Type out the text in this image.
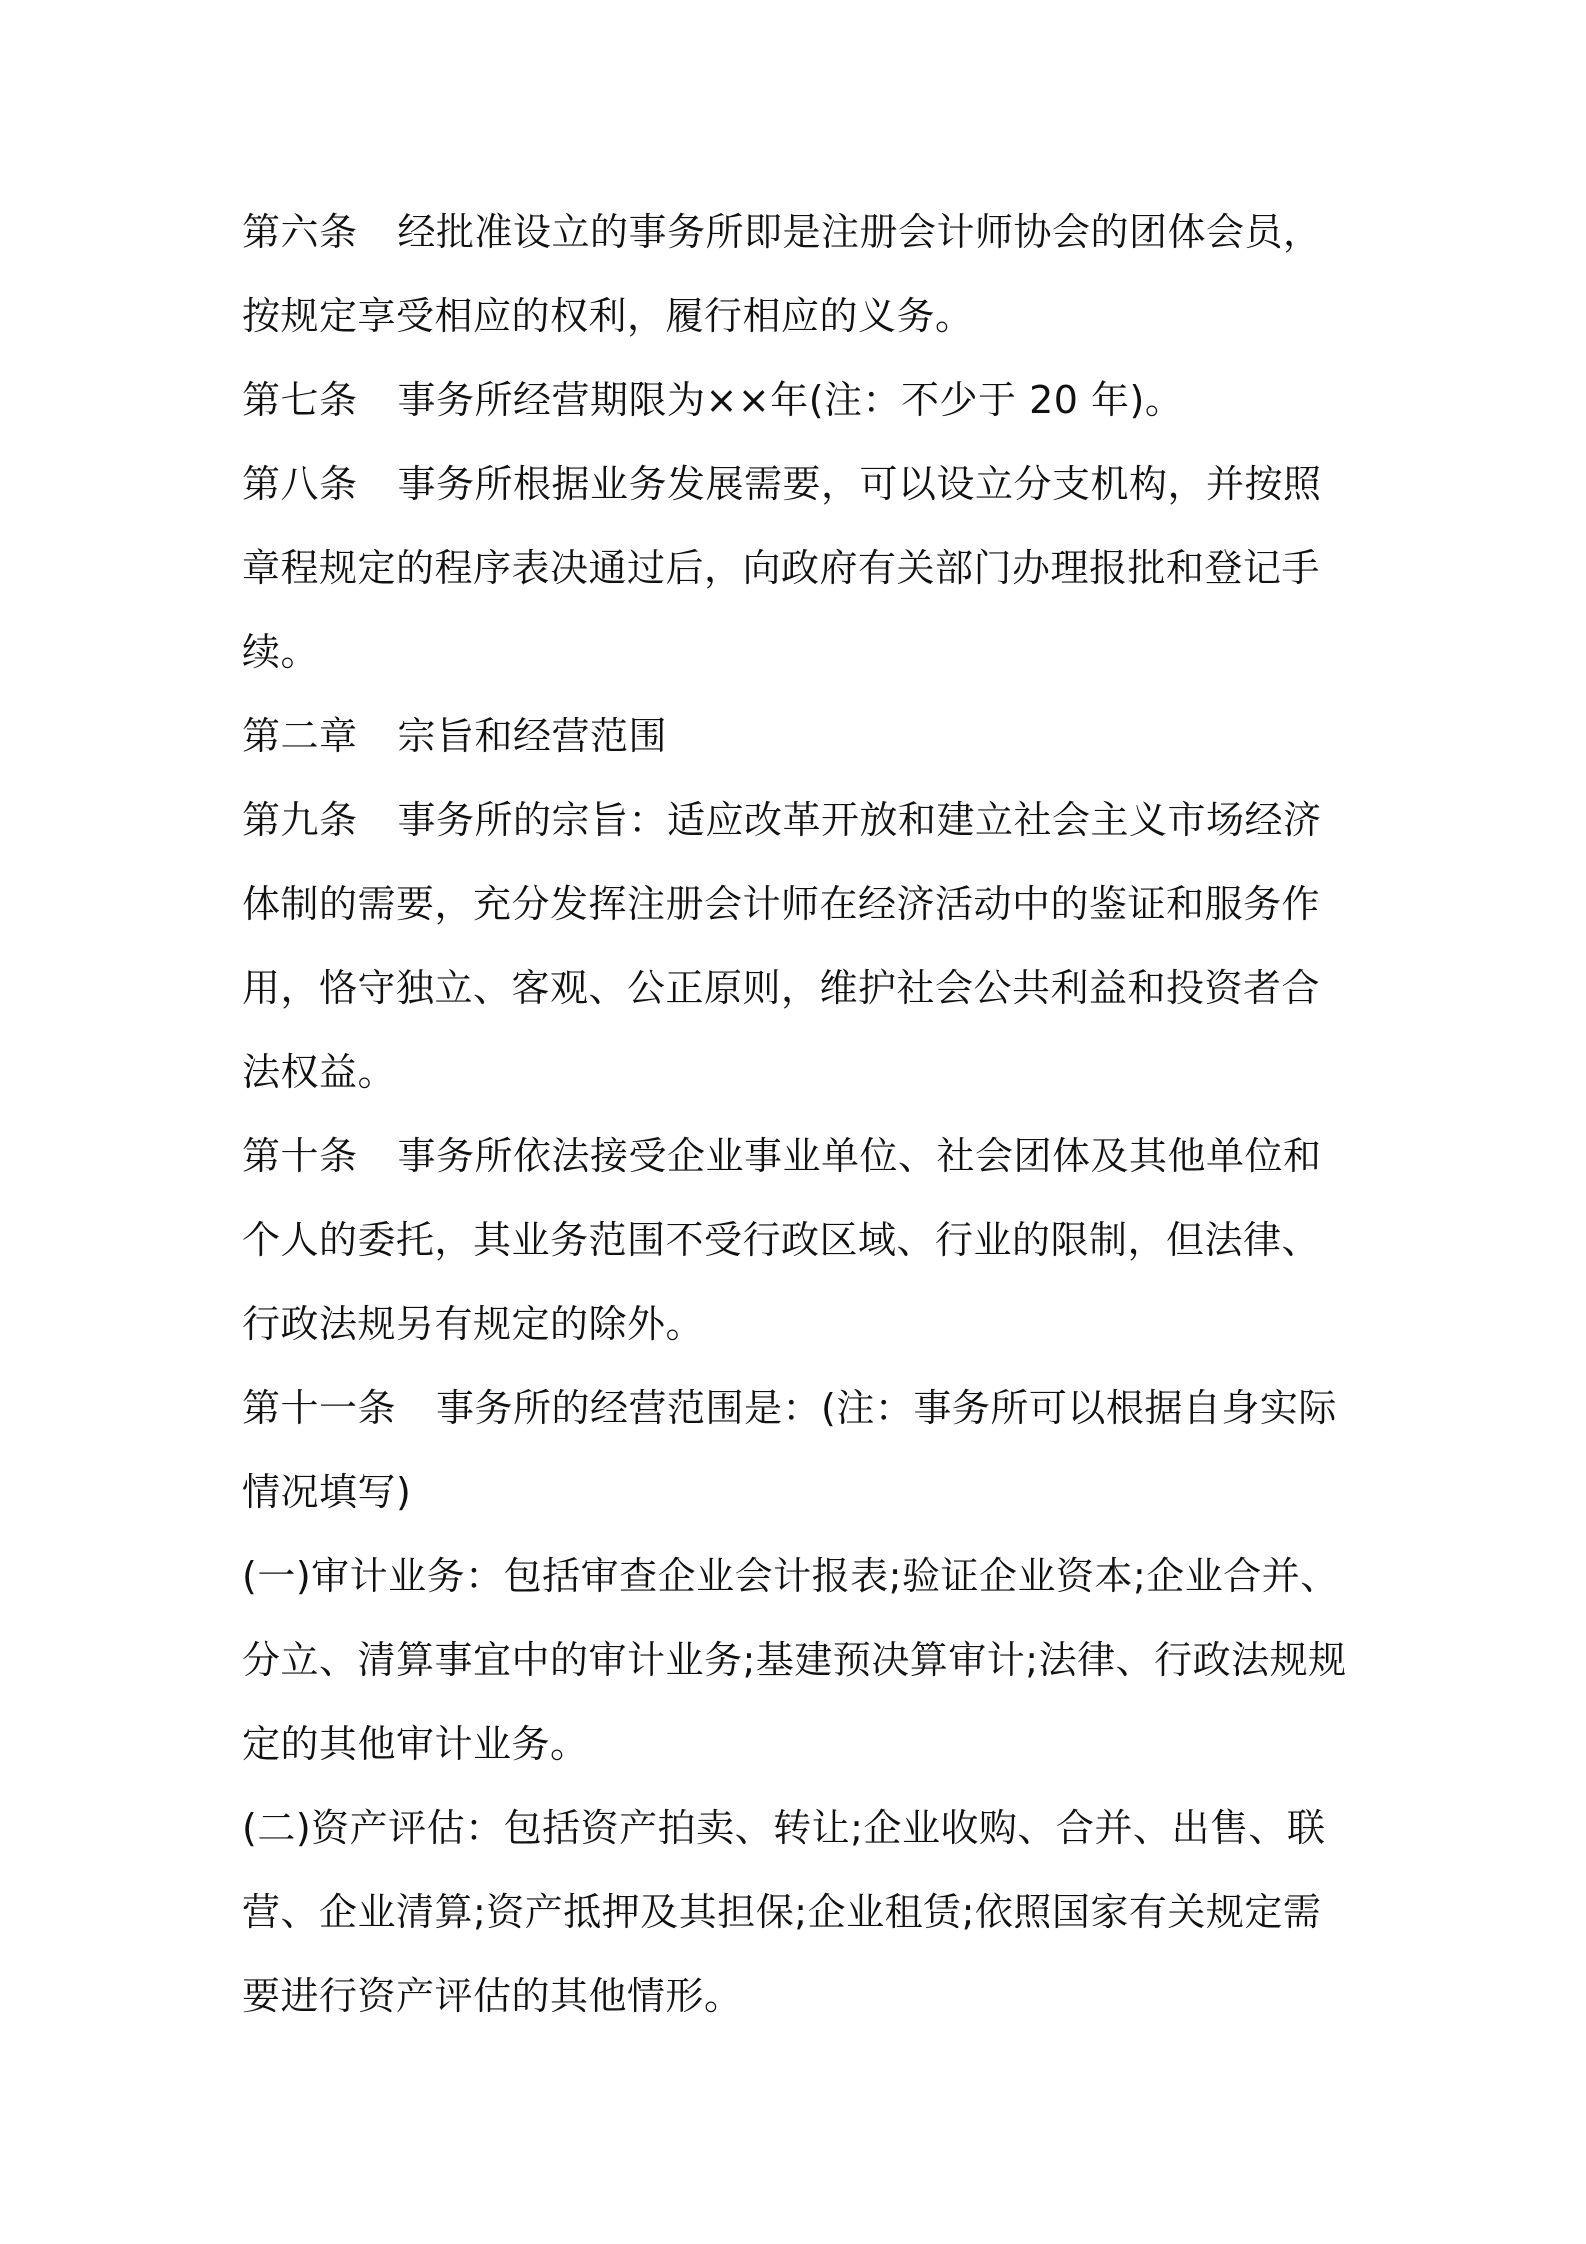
第六条 经批准设立的事务所即是注册会计师协会的团体会员，按规定享受相应的权利，履行相应的义务。

第七条 事务所经营期限为××年(注：不少于 20 年)。

第八条 事务所根据业务发展需要，可以设立分支机构，并按照章程规定的程序表决通过后，向政府有关部门办理报批和登记手续。

第二章 宗旨和经营范围

第九条 事务所的宗旨：适应改革开放和建立社会主义市场经济体制的需要，充分发挥注册会计师在经济活动中的鉴证和服务作用，恪守独立、客观、公正原则，维护社会公共利益和投资者合法权益。

第十条 事务所依法接受企业事业单位、社会团体及其他单位和个人的委托，其业务范围不受行政区域、行业的限制，但法律、行政法规另有规定的除外。

第十一条 事务所的经营范围是：(注：事务所可以根据自身实际情况填写)

(一)审计业务：包括审查企业会计报表;验证企业资本;企业合并、分立、清算事宜中的审计业务;基建预决算审计;法律、行政法规规定的其他审计业务。

(二)资产评估：包括资产拍卖、转让;企业收购、合并、出售、联营、企业清算;资产抵押及其担保;企业租赁;依照国家有关规定需要进行资产评估的其他情形。
